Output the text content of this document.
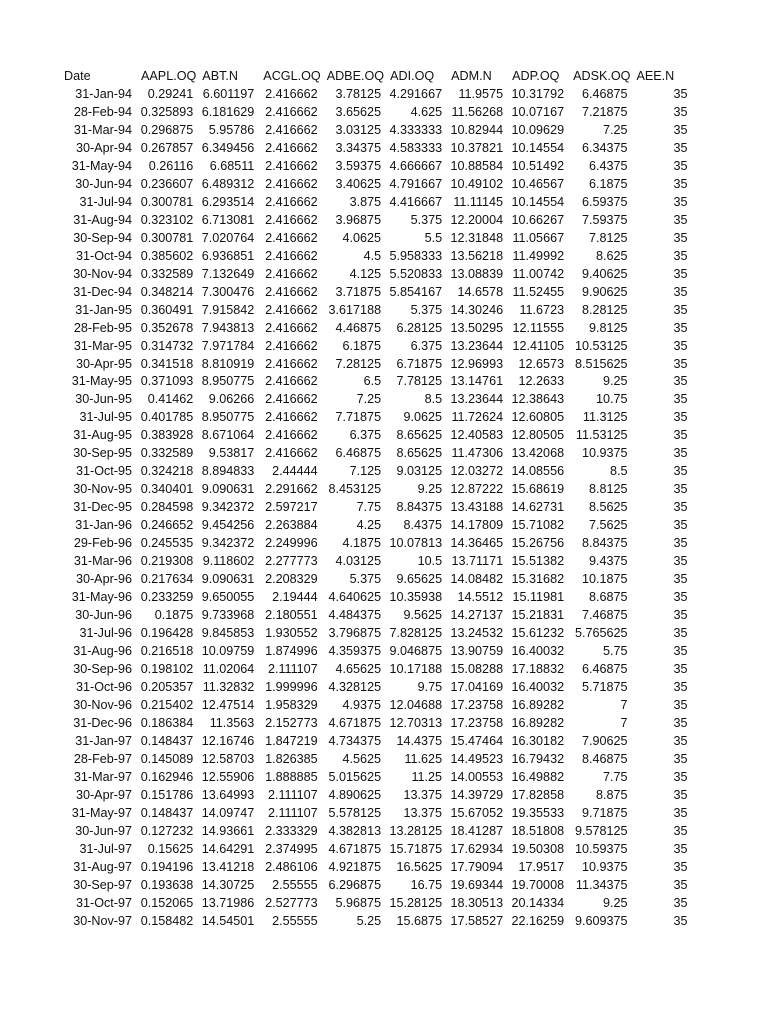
Date	AAPL.OQ	ABT.N	ACGL.OQ	ADBE.OQ	ADI.OQ	ADM.N	ADP.OQ	ADSK.OQ	AEE.N
31-Jan-94	0.29241	6.601197	2.416662	3.78125	4.291667	11.9575	10.31792	6.46875	35
28-Feb-94	0.325893	6.181629	2.416662	3.65625	4.625	11.56268	10.07167	7.21875	35
31-Mar-94	0.296875	5.95786	2.416662	3.03125	4.333333	10.82944	10.09629	7.25	35
30-Apr-94	0.267857	6.349456	2.416662	3.34375	4.583333	10.37821	10.14554	6.34375	35
31-May-94	0.26116	6.68511	2.416662	3.59375	4.666667	10.88584	10.51492	6.4375	35
30-Jun-94	0.236607	6.489312	2.416662	3.40625	4.791667	10.49102	10.46567	6.1875	35
31-Jul-94	0.300781	6.293514	2.416662	3.875	4.416667	11.11145	10.14554	6.59375	35
31-Aug-94	0.323102	6.713081	2.416662	3.96875	5.375	12.20004	10.66267	7.59375	35
30-Sep-94	0.300781	7.020764	2.416662	4.0625	5.5	12.31848	11.05667	7.8125	35
31-Oct-94	0.385602	6.936851	2.416662	4.5	5.958333	13.56218	11.49992	8.625	35
30-Nov-94	0.332589	7.132649	2.416662	4.125	5.520833	13.08839	11.00742	9.40625	35
31-Dec-94	0.348214	7.300476	2.416662	3.71875	5.854167	14.6578	11.52455	9.90625	35
31-Jan-95	0.360491	7.915842	2.416662	3.617188	5.375	14.30246	11.6723	8.28125	35
28-Feb-95	0.352678	7.943813	2.416662	4.46875	6.28125	13.50295	12.11555	9.8125	35
31-Mar-95	0.314732	7.971784	2.416662	6.1875	6.375	13.23644	12.41105	10.53125	35
30-Apr-95	0.341518	8.810919	2.416662	7.28125	6.71875	12.96993	12.6573	8.515625	35
31-May-95	0.371093	8.950775	2.416662	6.5	7.78125	13.14761	12.2633	9.25	35
30-Jun-95	0.41462	9.06266	2.416662	7.25	8.5	13.23644	12.38643	10.75	35
31-Jul-95	0.401785	8.950775	2.416662	7.71875	9.0625	11.72624	12.60805	11.3125	35
31-Aug-95	0.383928	8.671064	2.416662	6.375	8.65625	12.40583	12.80505	11.53125	35
30-Sep-95	0.332589	9.53817	2.416662	6.46875	8.65625	11.47306	13.42068	10.9375	35
31-Oct-95	0.324218	8.894833	2.44444	7.125	9.03125	12.03272	14.08556	8.5	35
30-Nov-95	0.340401	9.090631	2.291662	8.453125	9.25	12.87222	15.68619	8.8125	35
31-Dec-95	0.284598	9.342372	2.597217	7.75	8.84375	13.43188	14.62731	8.5625	35
31-Jan-96	0.246652	9.454256	2.263884	4.25	8.4375	14.17809	15.71082	7.5625	35
29-Feb-96	0.245535	9.342372	2.249996	4.1875	10.07813	14.36465	15.26756	8.84375	35
31-Mar-96	0.219308	9.118602	2.277773	4.03125	10.5	13.71171	15.51382	9.4375	35
30-Apr-96	0.217634	9.090631	2.208329	5.375	9.65625	14.08482	15.31682	10.1875	35
31-May-96	0.233259	9.650055	2.19444	4.640625	10.35938	14.5512	15.11981	8.6875	35
30-Jun-96	0.1875	9.733968	2.180551	4.484375	9.5625	14.27137	15.21831	7.46875	35
31-Jul-96	0.196428	9.845853	1.930552	3.796875	7.828125	13.24532	15.61232	5.765625	35
31-Aug-96	0.216518	10.09759	1.874996	4.359375	9.046875	13.90759	16.40032	5.75	35
30-Sep-96	0.198102	11.02064	2.111107	4.65625	10.17188	15.08288	17.18832	6.46875	35
31-Oct-96	0.205357	11.32832	1.999996	4.328125	9.75	17.04169	16.40032	5.71875	35
30-Nov-96	0.215402	12.47514	1.958329	4.9375	12.04688	17.23758	16.89282	7	35
31-Dec-96	0.186384	11.3563	2.152773	4.671875	12.70313	17.23758	16.89282	7	35
31-Jan-97	0.148437	12.16746	1.847219	4.734375	14.4375	15.47464	16.30182	7.90625	35
28-Feb-97	0.145089	12.58703	1.826385	4.5625	11.625	14.49523	16.79432	8.46875	35
31-Mar-97	0.162946	12.55906	1.888885	5.015625	11.25	14.00553	16.49882	7.75	35
30-Apr-97	0.151786	13.64993	2.111107	4.890625	13.375	14.39729	17.82858	8.875	35
31-May-97	0.148437	14.09747	2.111107	5.578125	13.375	15.67052	19.35533	9.71875	35
30-Jun-97	0.127232	14.93661	2.333329	4.382813	13.28125	18.41287	18.51808	9.578125	35
31-Jul-97	0.15625	14.64291	2.374995	4.671875	15.71875	17.62934	19.50308	10.59375	35
31-Aug-97	0.194196	13.41218	2.486106	4.921875	16.5625	17.79094	17.9517	10.9375	35
30-Sep-97	0.193638	14.30725	2.55555	6.296875	16.75	19.69344	19.70008	11.34375	35
31-Oct-97	0.152065	13.71986	2.527773	5.96875	15.28125	18.30513	20.14334	9.25	35
30-Nov-97	0.158482	14.54501	2.55555	5.25	15.6875	17.58527	22.16259	9.609375	35
